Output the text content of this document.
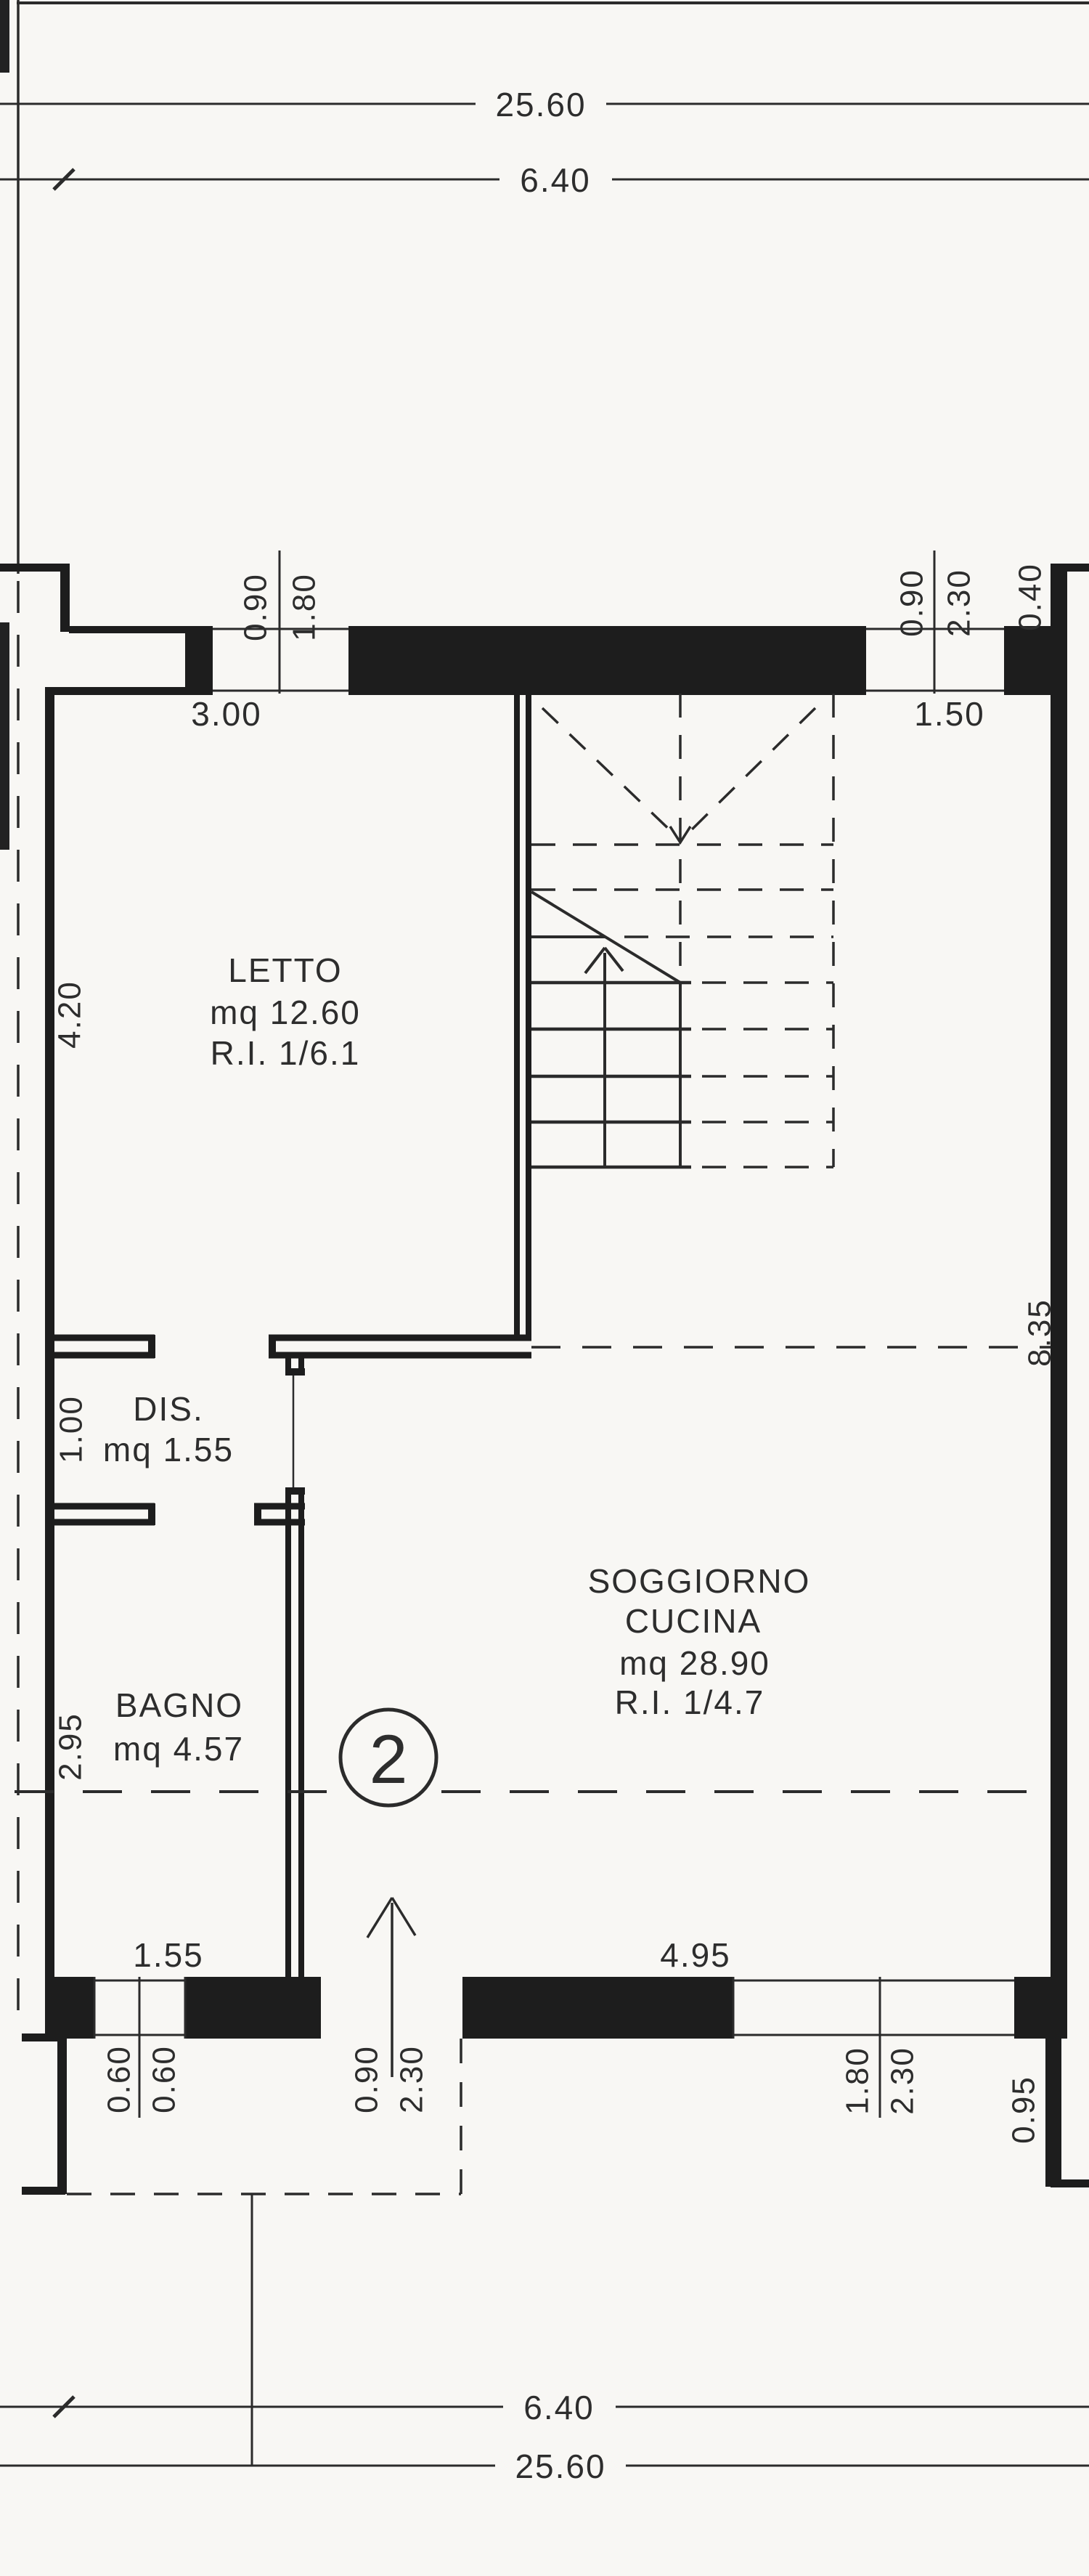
25.60
6.40
0.90 1.80	0.90 2.30 0.40
0.60 0.60	0.90 2.30	1.80 2.30
2
LETTO
mq 12.60
R.I. 1/6.1
DIS.
mq 1.55
BAGNO
mq 4.57
SOGGIORNO
CUCINA
mq 28.90
R.I. 1/4.7
3.00	1.50
4.20
8.35
1.00
2.95
1.55	4.95
0.95
6.40
25.60
